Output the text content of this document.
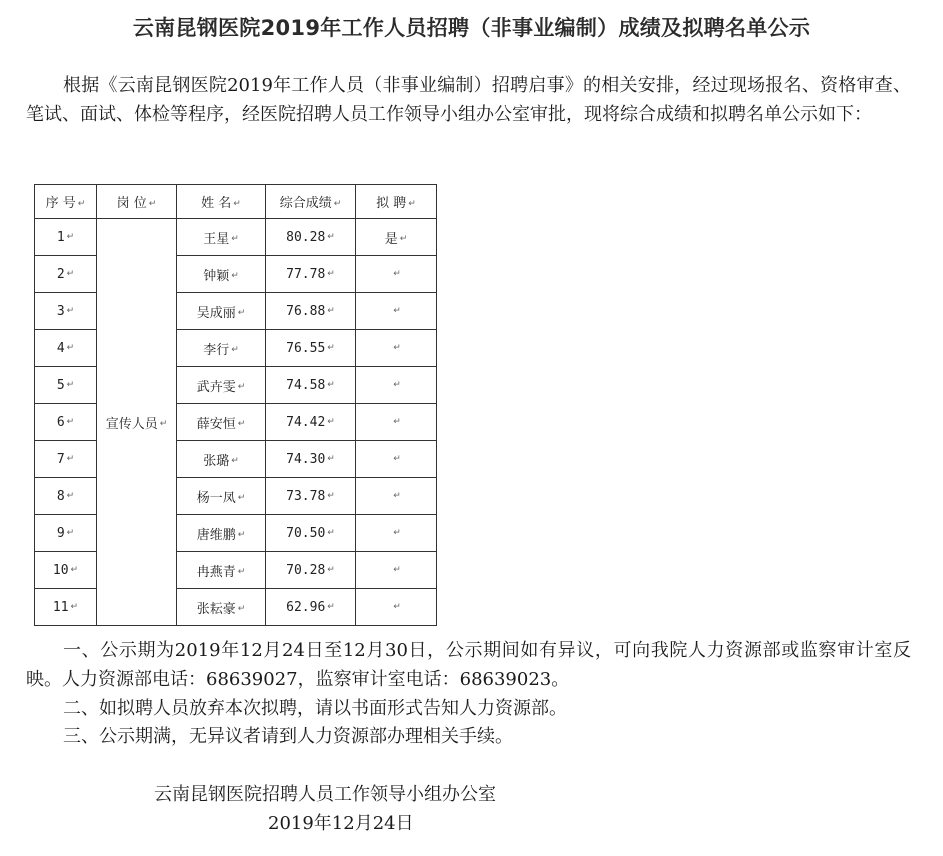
云南昆钢医院2019年工作人员招聘（非事业编制）成绩及拟聘名单公示

根据《云南昆钢医院2019年工作人员（非事业编制）招聘启事》的相关安排，经过现场报名、资格审查、笔试、面试、体检等程序，经医院招聘人员工作领导小组办公室审批，现将综合成绩和拟聘名单公示如下：

序 号 ↵	岗 位 ↵	姓 名 ↵	综合成绩 ↵	拟 聘 ↵
1 ↵	宣传人员 ↵	王星 ↵	80.28 ↵	是 ↵
2 ↵		钟颖 ↵	77.78 ↵	↵
3 ↵		吴成丽 ↵	76.88 ↵	↵
4 ↵		李行 ↵	76.55 ↵	↵
5 ↵		武卉雯 ↵	74.58 ↵	↵
6 ↵		薛安恒 ↵	74.42 ↵	↵
7 ↵		张璐 ↵	74.30 ↵	↵
8 ↵		杨一凤 ↵	73.78 ↵	↵
9 ↵		唐维鹏 ↵	70.50 ↵	↵
10 ↵		冉燕青 ↵	70.28 ↵	↵
11 ↵		张耘豪 ↵	62.96 ↵	↵

一、公示期为2019年12月24日至12月30日，公示期间如有异议，可向我院人力资源部或监察审计室反映。人力资源部电话：68639027，监察审计室电话：68639023。

二、如拟聘人员放弃本次拟聘，请以书面形式告知人力资源部。

三、公示期满，无异议者请到人力资源部办理相关手续。

云南昆钢医院招聘人员工作领导小组办公室
2019年12月24日
